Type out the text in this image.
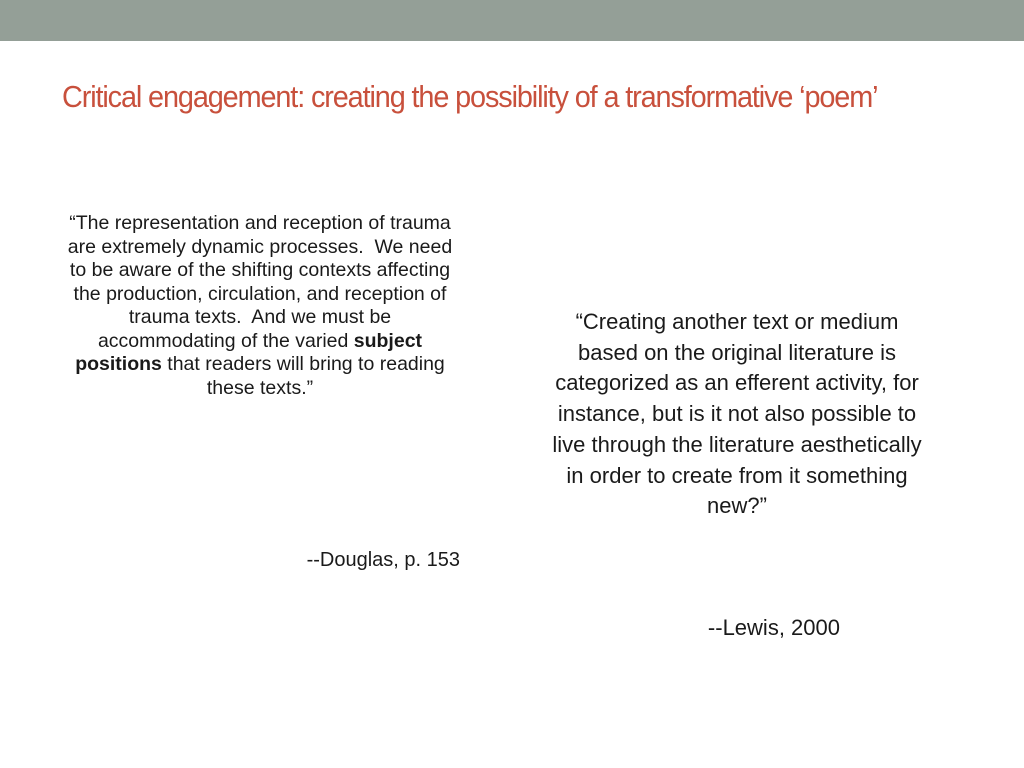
Critical engagement: creating the possibility of a transformative ‘poem’

“The representation and reception of trauma are extremely dynamic processes.  We need to be aware of the shifting contexts affecting the production, circulation, and reception of trauma texts.  And we must be accommodating of the varied subject positions that readers will bring to reading these texts.”

--Douglas, p. 153

“Creating another text or medium based on the original literature is categorized as an efferent activity, for instance, but is it not also possible to live through the literature aesthetically in order to create from it something new?”

--Lewis, 2000
